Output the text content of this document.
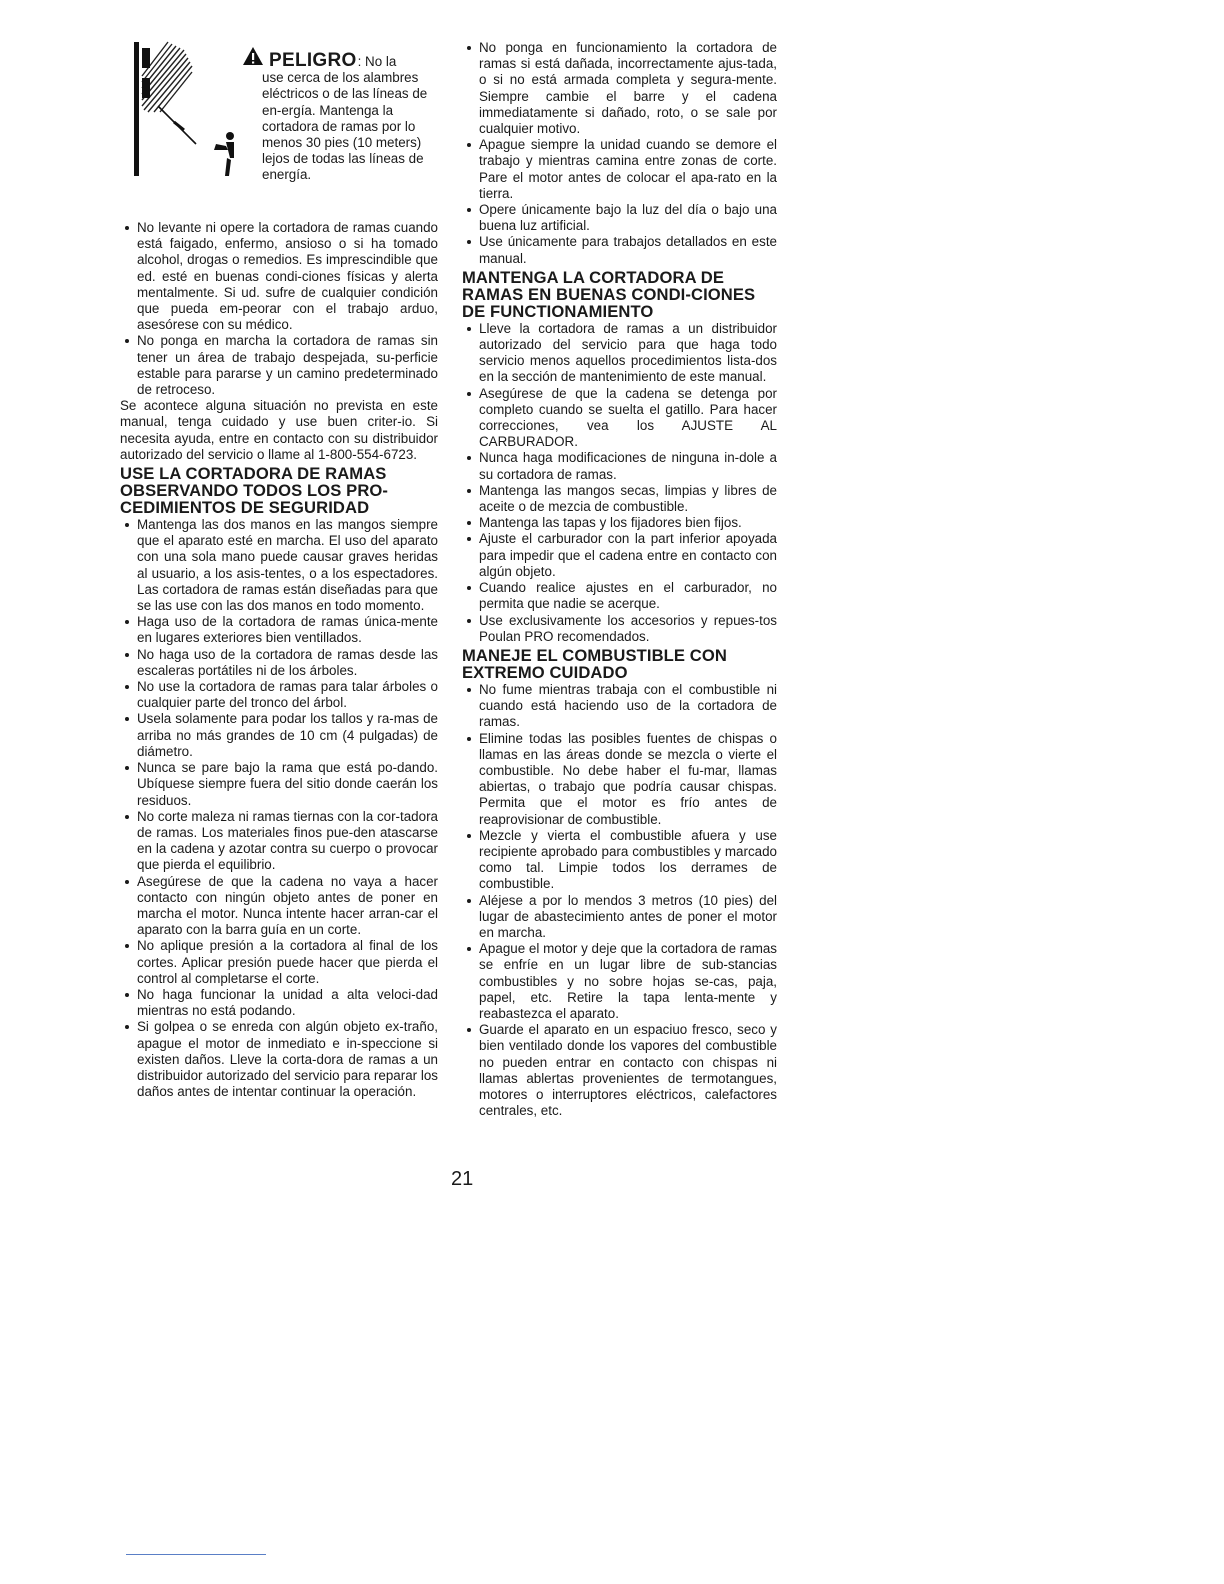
PELIGRO : No la
use cerca de los alambres eléctricos o de las líneas de en-ergía. Mantenga la cortadora de ramas por lo menos 30 pies (10 meters) lejos de todas las líneas de energía.
No levante ni opere la cortadora de ramas cuando está faigado, enfermo, ansioso o si ha tomado alcohol, drogas o remedios. Es imprescindible que ed. esté en buenas condi-ciones físicas y alerta mentalmente. Si ud. sufre de cualquier condición que pueda em-peorar con el trabajo arduo, asesórese con su médico.
No ponga en marcha la cortadora de ramas sin tener un área de trabajo despejada, su-perficie estable para pararse y un camino predeterminado de retroceso.

Se acontece alguna situación no prevista en este manual, tenga cuidado y use buen criter-io. Si necesita ayuda, entre en contacto con su distribuidor autorizado del servicio o llame al 1-800-554-6723.

USE LA CORTADORA DE RAMAS OBSERVANDO TODOS LOS PRO-CEDIMIENTOS DE SEGURIDAD
Mantenga las dos manos en las mangos siempre que el aparato esté en marcha. El uso del aparato con una sola mano puede causar graves heridas al usuario, a los asis-tentes, o a los espectadores. Las cortadora de ramas están diseñadas para que se las use con las dos manos en todo momento.
Haga uso de la cortadora de ramas única-mente en lugares exteriores bien ventillados.
No haga uso de la cortadora de ramas desde las escaleras portátiles ni de los árboles.
No use la cortadora de ramas para talar árboles o cualquier parte del tronco del árbol.
Usela solamente para podar los tallos y ra-mas de arriba no más grandes de 10 cm (4 pulgadas) de diámetro.
Nunca se pare bajo la rama que está po-dando. Ubíquese siempre fuera del sitio donde caerán los residuos.
No corte maleza ni ramas tiernas con la cor-tadora de ramas. Los materiales finos pue-den atascarse en la cadena y azotar contra su cuerpo o provocar que pierda el equilibrio.
Asegúrese de que la cadena no vaya a hacer contacto con ningún objeto antes de poner en marcha el motor. Nunca intente hacer arran-car el aparato con la barra guía en un corte.
No aplique presión a la cortadora al final de los cortes. Aplicar presión puede hacer que pierda el control al completarse el corte.
No haga funcionar la unidad a alta veloci-dad mientras no está podando.
Si golpea o se enreda con algún objeto ex-traño, apague el motor de inmediato e in-speccione si existen daños. Lleve la corta-dora de ramas a un distribuidor autorizado del servicio para reparar los daños antes de intentar continuar la operación.
No ponga en funcionamiento la cortadora de ramas si está dañada, incorrectamente ajus-tada, o si no está armada completa y segura-mente. Siempre cambie el barre y el cadena immediatamente si dañado, roto, o se sale por cualquier motivo.
Apague siempre la unidad cuando se demore el trabajo y mientras camina entre zonas de corte. Pare el motor antes de colocar el apa-rato en la tierra.
Opere únicamente bajo la luz del día o bajo una buena luz artificial.
Use únicamente para trabajos detallados en este manual.
MANTENGA LA CORTADORA DE RAMAS EN BUENAS CONDI-CIONES DE FUNCTIONAMIENTO
Lleve la cortadora de ramas a un distribuidor autorizado del servicio para que haga todo servicio menos aquellos procedimientos lista-dos en la sección de mantenimiento de este manual.
Asegúrese de que la cadena se detenga por completo cuando se suelta el gatillo. Para hacer correcciones, vea los AJUSTE AL CARBURADOR.
Nunca haga modificaciones de ninguna in-dole a su cortadora de ramas.
Mantenga las mangos secas, limpias y libres de aceite o de mezcia de combustible.
Mantenga las tapas y los fijadores bien fijos.
Ajuste el carburador con la part inferior apoyada para impedir que el cadena entre en contacto con algún objeto.
Cuando realice ajustes en el carburador, no permita que nadie se acerque.
Use exclusivamente los accesorios y repues-tos Poulan PRO recomendados.
MANEJE EL COMBUSTIBLE CON EXTREMO CUIDADO
No fume mientras trabaja con el combustible ni cuando está haciendo uso de la cortadora de ramas.
Elimine todas las posibles fuentes de chispas o llamas en las áreas donde se mezcla o vierte el combustible. No debe haber el fu-mar, llamas abiertas, o trabajo que podría causar chispas. Permita que el motor es frío antes de reaprovisionar de combustible.
Mezcle y vierta el combustible afuera y use recipiente aprobado para combustibles y marcado como tal. Limpie todos los derrames de combustible.
Aléjese a por lo mendos 3 metros (10 pies) del lugar de abastecimiento antes de poner el motor en marcha.
Apague el motor y deje que la cortadora de ramas se enfríe en un lugar libre de sub-stancias combustibles y no sobre hojas se-cas, paja, papel, etc. Retire la tapa lenta-mente y reabastezca el aparato.
Guarde el aparato en un espaciuo fresco, seco y bien ventilado donde los vapores del combustible no pueden entrar en contacto con chispas ni llamas ablertas provenientes de termotangues, motores o interruptores eléctricos, calefactores centrales, etc.
21
